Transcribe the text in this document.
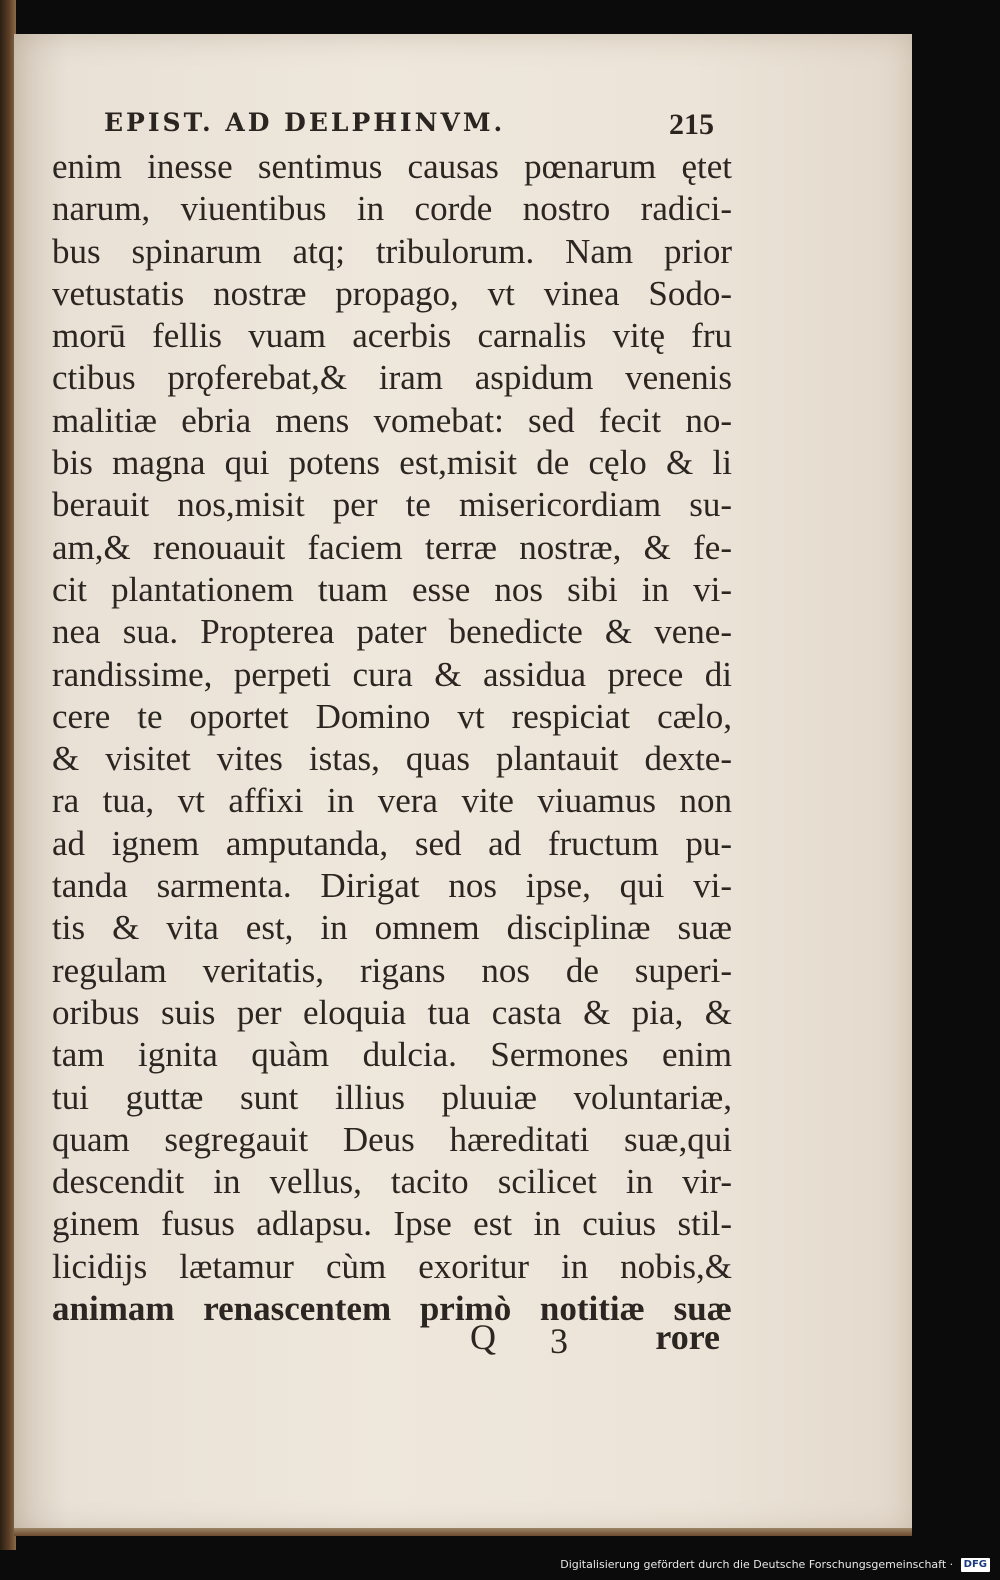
EPIST. AD DELPHINVM.	215
enim inesse sentimus causas pœnarum ętet
narum, viuentibus in corde nostro radici-
bus spinarum atq; tribulorum. Nam prior
vetustatis nostræ propago, vt vinea Sodo-
morū fellis vuam acerbis carnalis vitę fru
ctibus prǫferebat,& iram aspidum venenis
malitiæ ebria mens vomebat: sed fecit no-
bis magna qui potens est,misit de cęlo & li
berauit nos,misit per te misericordiam su-
am,& renouauit faciem terræ nostræ, & fe-
cit plantationem tuam esse nos sibi in vi-
nea sua. Propterea pater benedicte & vene-
randissime, perpeti cura & assidua prece di
cere te oportet Domino vt respiciat cælo,
& visitet vites istas, quas plantauit dexte-
ra tua, vt affixi in vera vite viuamus non
ad ignem amputanda, sed ad fructum pu-
tanda sarmenta. Dirigat nos ipse, qui vi-
tis & vita est, in omnem disciplinæ suæ
regulam veritatis, rigans nos de superi-
oribus suis per eloquia tua casta & pia, &
tam ignita quàm dulcia. Sermones enim
tui guttæ sunt illius pluuiæ voluntariæ,
quam segregauit Deus hæreditati suæ,qui
descendit in vellus, tacito scilicet in vir-
ginem fusus adlapsu. Ipse est in cuius stil-
licidijs lætamur cùm exoritur in nobis,&
animam renascentem primò notitiæ suæ
Q 3 rore
Digitalisierung gefördert durch die Deutsche Forschungsgemeinschaft · DFG
